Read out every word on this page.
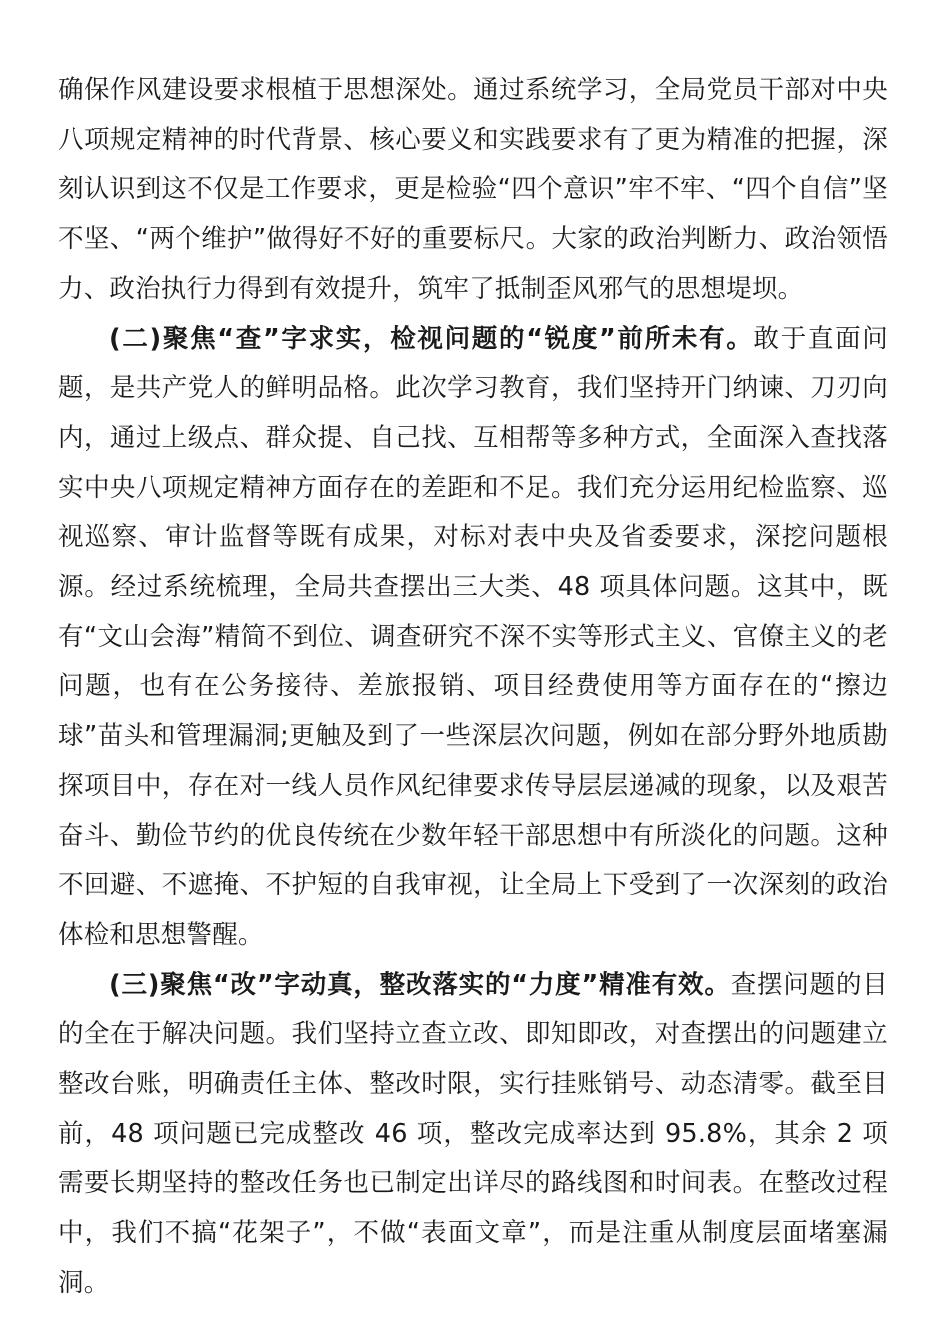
确保作风建设要求根植于思想深处。通过系统学习，全局党员干部对中央八项规定精神的时代背景、核心要义和实践要求有了更为精准的把握，深刻认识到这不仅是工作要求，更是检验“四个意识”牢不牢、“四个自信”坚不坚、“两个维护”做得好不好的重要标尺。大家的政治判断力、政治领悟力、政治执行力得到有效提升，筑牢了抵制歪风邪气的思想堤坝。

(二)聚焦“查”字求实，检视问题的“锐度”前所未有。敢于直面问题，是共产党人的鲜明品格。此次学习教育，我们坚持开门纳谏、刀刃向内，通过上级点、群众提、自己找、互相帮等多种方式，全面深入查找落实中央八项规定精神方面存在的差距和不足。我们充分运用纪检监察、巡视巡察、审计监督等既有成果，对标对表中央及省委要求，深挖问题根源。经过系统梳理，全局共查摆出三大类、48 项具体问题。这其中，既有“文山会海”精简不到位、调查研究不深不实等形式主义、官僚主义的老问题，也有在公务接待、差旅报销、项目经费使用等方面存在的“擦边球”苗头和管理漏洞;更触及到了一些深层次问题，例如在部分野外地质勘探项目中，存在对一线人员作风纪律要求传导层层递减的现象，以及艰苦奋斗、勤俭节约的优良传统在少数年轻干部思想中有所淡化的问题。这种不回避、不遮掩、不护短的自我审视，让全局上下受到了一次深刻的政治体检和思想警醒。

(三)聚焦“改”字动真，整改落实的“力度”精准有效。查摆问题的目的全在于解决问题。我们坚持立查立改、即知即改，对查摆出的问题建立整改台账，明确责任主体、整改时限，实行挂账销号、动态清零。截至目前，48 项问题已完成整改 46 项，整改完成率达到 95.8%，其余 2 项需要长期坚持的整改任务也已制定出详尽的路线图和时间表。在整改过程中，我们不搞“花架子”，不做“表面文章”，而是注重从制度层面堵塞漏洞。
